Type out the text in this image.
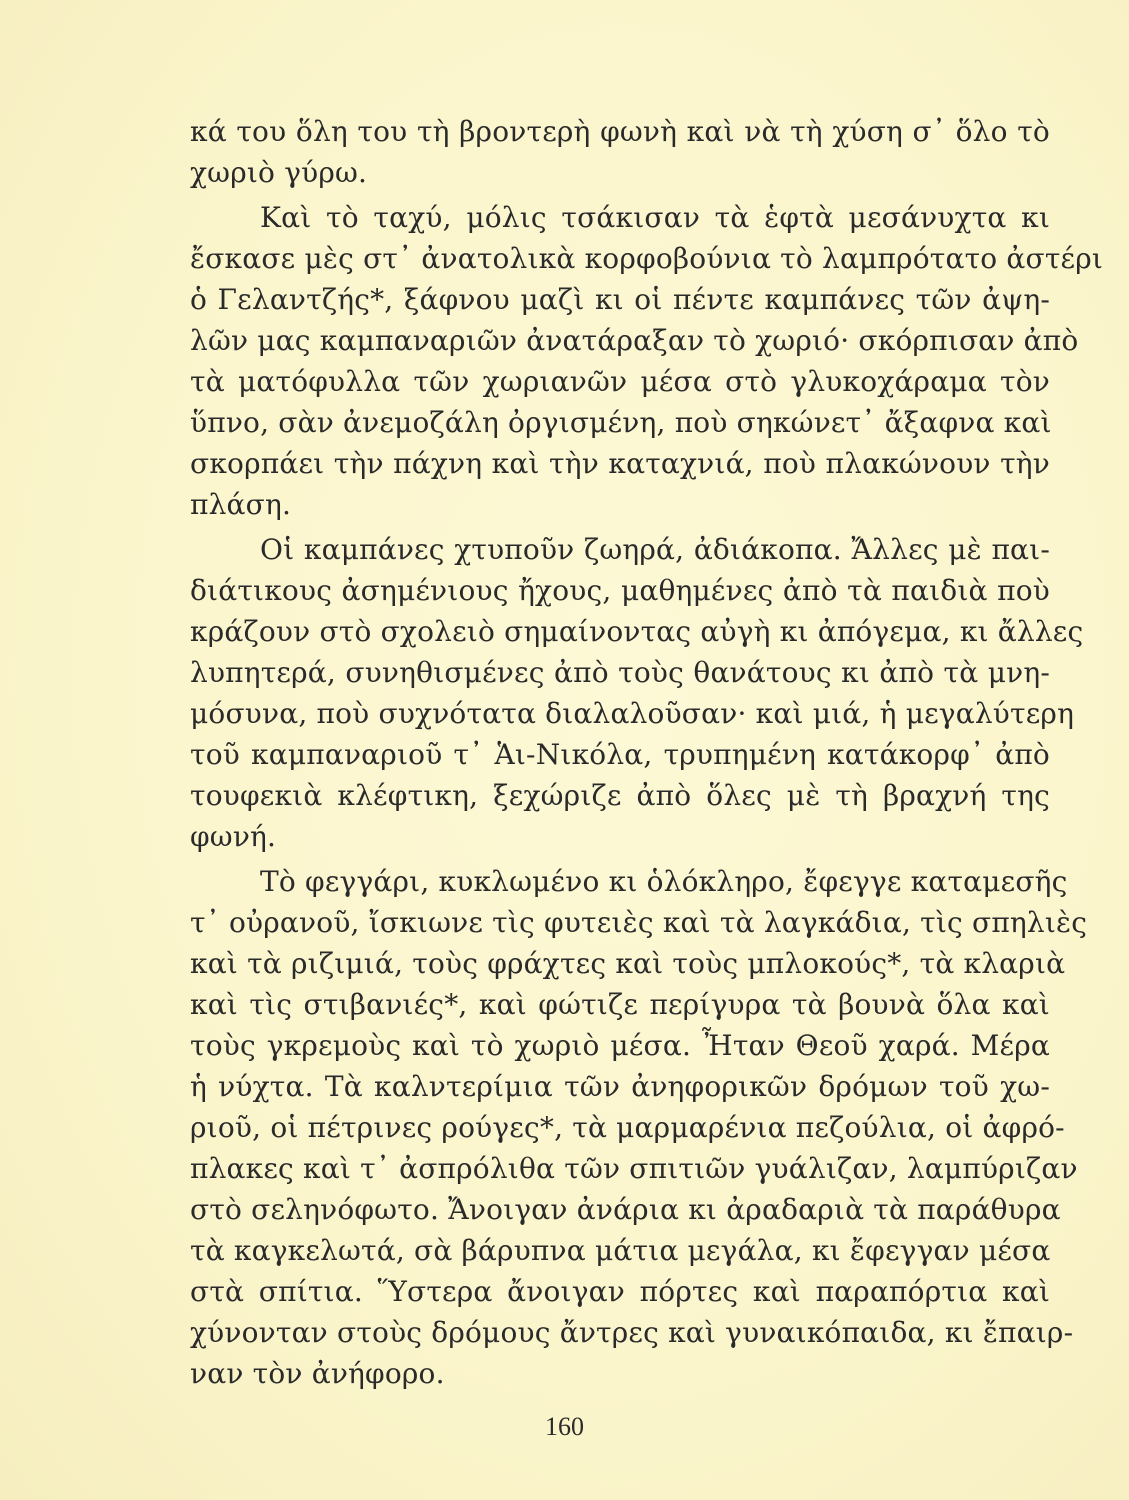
κά του ὅλη του τὴ βροντερὴ φωνὴ καὶ νὰ τὴ χύση σ᾽ ὅλο τὸ
χωριὸ γύρω.
Καὶ τὸ ταχύ, μόλις τσάκισαν τὰ ἑφτὰ μεσάνυχτα κι
ἔσκασε μὲς στ᾽ ἀνατολικὰ κορφοβούνια τὸ λαμπρότατο ἀστέρι
ὁ Γελαντζής*, ξάφνου μαζὶ κι οἱ πέντε καμπάνες τῶν ἀψη-
λῶν μας καμπαναριῶν ἀνατάραξαν τὸ χωριό· σκόρπισαν ἀπὸ
τὰ ματόφυλλα τῶν χωριανῶν μέσα στὸ γλυκοχάραμα τὸν
ὕπνο, σὰν ἀνεμοζάλη ὀργισμένη, ποὺ σηκώνετ᾽ ἄξαφνα καὶ
σκορπάει τὴν πάχνη καὶ τὴν καταχνιά, ποὺ πλακώνουν τὴν
πλάση.
Οἱ καμπάνες χτυποῦν ζωηρά, ἀδιάκοπα. Ἄλλες μὲ παι-
διάτικους ἀσημένιους ἤχους, μαθημένες ἀπὸ τὰ παιδιὰ ποὺ
κράζουν στὸ σχολειὸ σημαίνοντας αὐγὴ κι ἀπόγεμα, κι ἄλλες
λυπητερά, συνηθισμένες ἀπὸ τοὺς θανάτους κι ἀπὸ τὰ μνη-
μόσυνα, ποὺ συχνότατα διαλαλοῦσαν· καὶ μιά, ἡ μεγαλύτερη
τοῦ καμπαναριοῦ τ᾽ Ἁι-Νικόλα, τρυπημένη κατάκορφ᾽ ἀπὸ
τουφεκιὰ κλέφτικη, ξεχώριζε ἀπὸ ὅλες μὲ τὴ βραχνή της
φωνή.
Τὸ φεγγάρι, κυκλωμένο κι ὁλόκληρο, ἔφεγγε καταμεσῆς
τ᾽ οὐρανοῦ, ἴσκιωνε τὶς φυτειὲς καὶ τὰ λαγκάδια, τὶς σπηλιὲς
καὶ τὰ ριζιμιά, τοὺς φράχτες καὶ τοὺς μπλοκούς*, τὰ κλαριὰ
καὶ τὶς στιβανιές*, καὶ φώτιζε περίγυρα τὰ βουνὰ ὅλα καὶ
τοὺς γκρεμοὺς καὶ τὸ χωριὸ μέσα. Ἦταν Θεοῦ χαρά. Μέρα
ἡ νύχτα. Τὰ καλντερίμια τῶν ἀνηφορικῶν δρόμων τοῦ χω-
ριοῦ, οἱ πέτρινες ρούγες*, τὰ μαρμαρένια πεζούλια, οἱ ἀφρό-
πλακες καὶ τ᾽ ἀσπρόλιθα τῶν σπιτιῶν γυάλιζαν, λαμπύριζαν
στὸ σεληνόφωτο. Ἄνοιγαν ἀνάρια κι ἀραδαριὰ τὰ παράθυρα
τὰ καγκελωτά, σὰ βάρυπνα μάτια μεγάλα, κι ἔφεγγαν μέσα
στὰ σπίτια. Ὕστερα ἄνοιγαν πόρτες καὶ παραπόρτια καὶ
χύνονταν στοὺς δρόμους ἄντρες καὶ γυναικόπαιδα, κι ἔπαιρ-
ναν τὸν ἀνήφορο.
160
